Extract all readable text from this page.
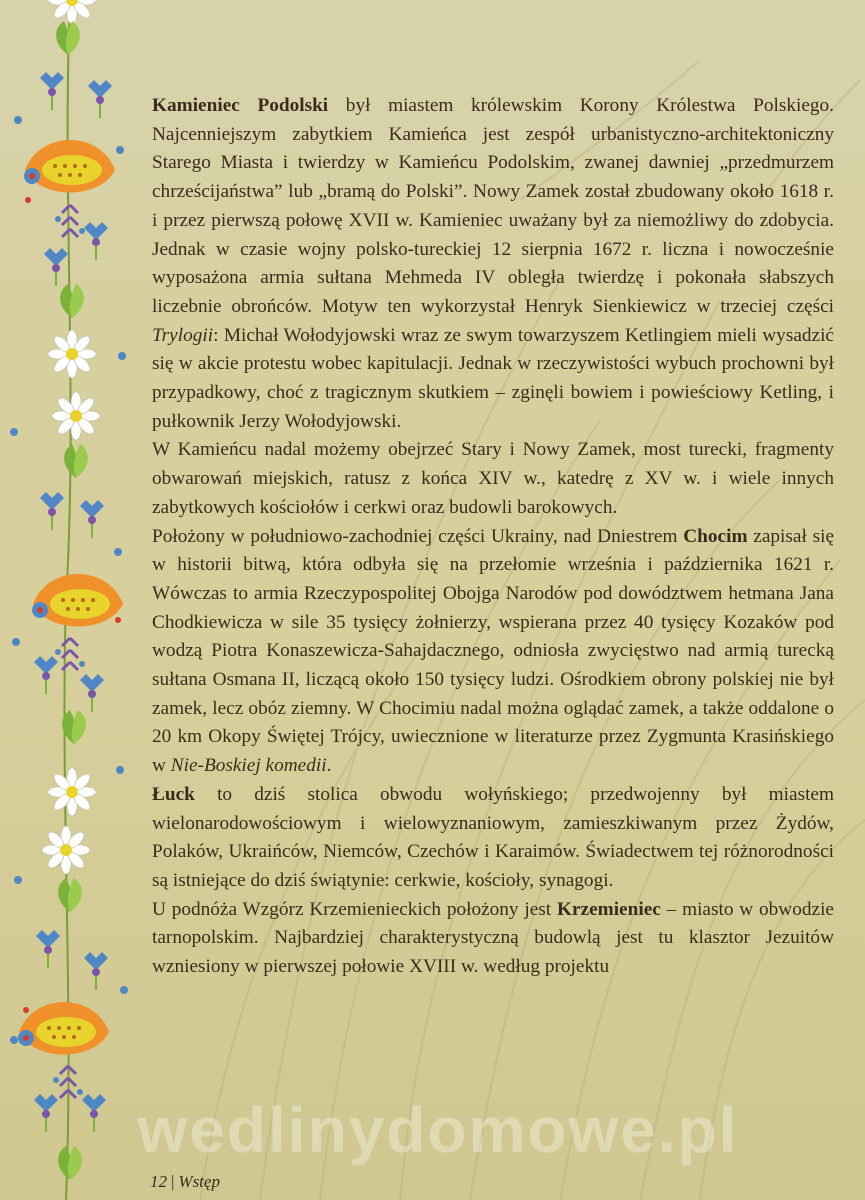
Kamieniec Podolski był miastem królewskim Korony Królestwa Polskiego. Najcenniejszym zabytkiem Kamieńca jest zespół urbanistyczno-architektoniczny Starego Miasta i twierdzy w Kamieńcu Podolskim, zwanej dawniej „przedmurzem chrześcijaństwa” lub „bramą do Polski”. Nowy Zamek został zbudowany około 1618 r. i przez pierwszą połowę XVII w. Kamieniec uważany był za niemożliwy do zdobycia. Jednak w czasie wojny polsko-tureckiej 12 sierpnia 1672 r. liczna i nowocześnie wyposażona armia sułtana Mehmeda IV obległa twierdzę i pokonała słabszych liczebnie obrońców. Motyw ten wykorzystał Henryk Sienkiewicz w trzeciej części Trylogii: Michał Wołodyjowski wraz ze swym towarzyszem Ketlingiem mieli wysadzić się w akcie protestu wobec kapitulacji. Jednak w rzeczywistości wybuch prochowni był przypadkowy, choć z tragicznym skutkiem – zginęli bowiem i powieściowy Ketling, i pułkownik Jerzy Wołodyjowski.

W Kamieńcu nadal możemy obejrzeć Stary i Nowy Zamek, most turecki, fragmenty obwarowań miejskich, ratusz z końca XIV w., katedrę z XV w. i wiele innych zabytkowych kościołów i cerkwi oraz budowli barokowych.

Położony w południowo-zachodniej części Ukrainy, nad Dniestrem Chocim zapisał się w historii bitwą, która odbyła się na przełomie września i października 1621 r. Wówczas to armia Rzeczypospolitej Obojga Narodów pod dowództwem hetmana Jana Chodkiewicza w sile 35 tysięcy żołnierzy, wspierana przez 40 tysięcy Kozaków pod wodzą Piotra Konaszewicza-Sahajdacznego, odniosła zwycięstwo nad armią turecką sułtana Osmana II, liczącą około 150 tysięcy ludzi. Ośrodkiem obrony polskiej nie był zamek, lecz obóz ziemny. W Chocimiu nadal można oglądać zamek, a także oddalone o 20 km Okopy Świętej Trójcy, uwiecznione w literaturze przez Zygmunta Krasińskiego w Nie-Boskiej komedii.

Łuck to dziś stolica obwodu wołyńskiego; przedwojenny był miastem wielonarodowościowym i wielowyznaniowym, zamieszkiwanym przez Żydów, Polaków, Ukraińców, Niemców, Czechów i Karaimów. Świadectwem tej różnorodności są istniejące do dziś świątynie: cerkwie, kościoły, synagogi.

U podnóża Wzgórz Krzemienieckich położony jest Krzemieniec – miasto w obwodzie tarnopolskim. Najbardziej charakterystyczną budowlą jest tu klasztor Jezuitów wzniesiony w pierwszej połowie XVIII w. według projektu

wedlinydomowe.pl
12 | Wstęp
